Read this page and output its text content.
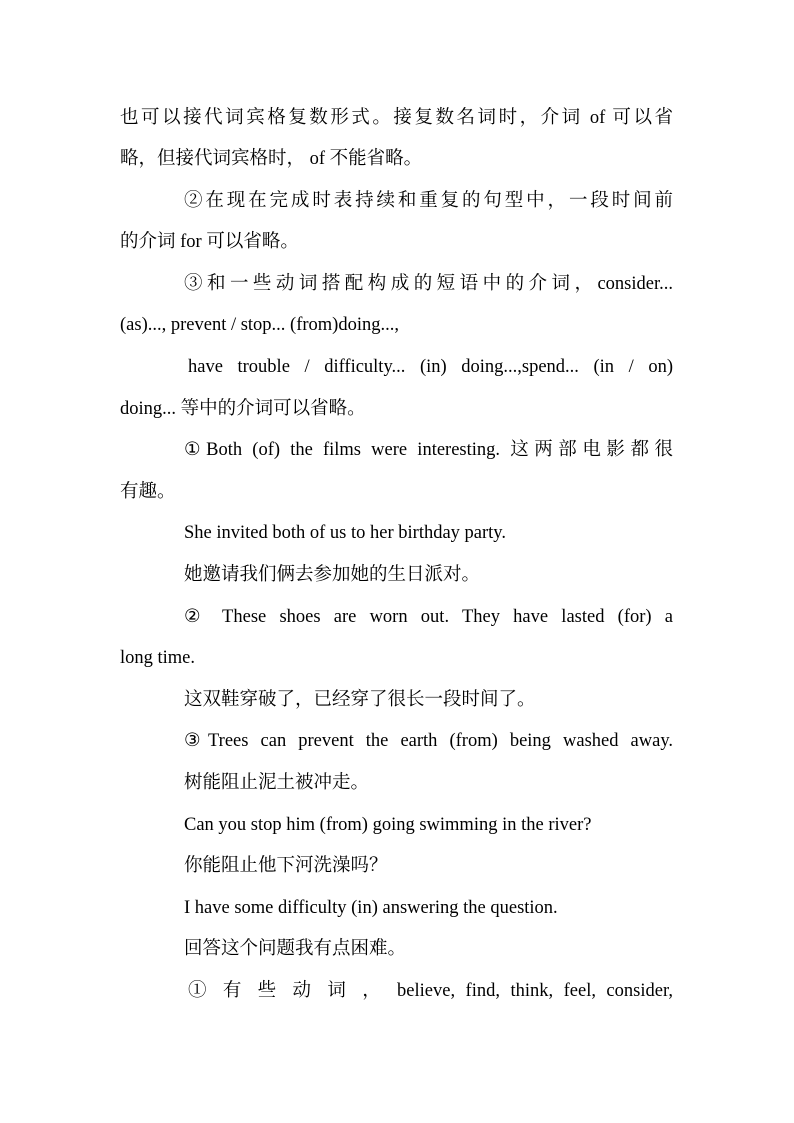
也可以接代词宾格复数形式。接复数名词时，介词 of 可以省
略，但接代词宾格时， of 不能省略。
②在现在完成时表持续和重复的句型中，一段时间前
的介词 for 可以省略。
③和一些动词搭配构成的短语中的介词，consider...
(as)..., prevent / stop... (from)doing...,
have trouble / difficulty... (in) doing...,spend... (in / on)
doing... 等中的介词可以省略。
①Both (of) the films were interesting. 这两部电影都很
有趣。
She invited both of us to her birthday party.
她邀请我们俩去参加她的生日派对。
② These shoes are worn out. They have lasted (for) a
long time.
这双鞋穿破了，已经穿了很长一段时间了。
③Trees can prevent the earth (from) being washed away.
树能阻止泥土被冲走。
Can you stop him (from) going swimming in the river?
你能阻止他下河洗澡吗？
I have some difficulty (in) answering the question.
回答这个问题我有点困难。
① 有 些 动 词 ， believe, find, think, feel, consider,
